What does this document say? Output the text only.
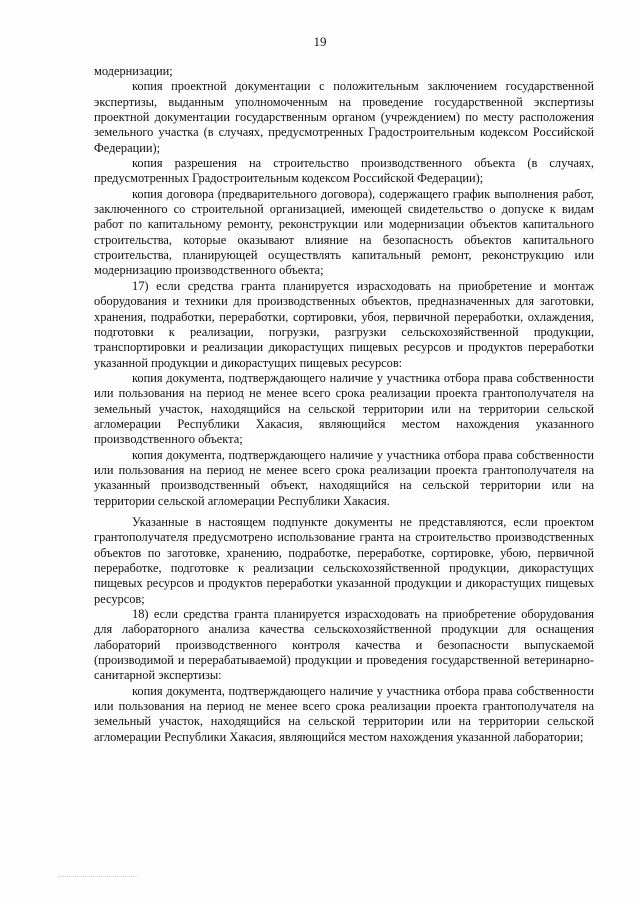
19

модернизации;

копия проектной документации с положительным заключением государственной экспертизы, выданным уполномоченным на проведение государственной экспертизы проектной документации государственным органом (учреждением) по месту расположения земельного участка (в случаях, предусмотренных Градостроительным кодексом Российской Федерации);

копия разрешения на строительство производственного объекта (в случаях, предусмотренных Градостроительным кодексом Российской Федерации);

копия договора (предварительного договора), содержащего график выполнения работ, заключенного со строительной организацией, имеющей свидетельство о допуске к видам работ по капитальному ремонту, реконструкции или модернизации объектов капитального строительства, которые оказывают влияние на безопасность объектов капитального строительства, планирующей осуществлять капитальный ремонт, реконструкцию или модернизацию производственного объекта;

17) если средства гранта планируется израсходовать на приобретение и монтаж оборудования и техники для производственных объектов, предназначенных для заготовки, хранения, подработки, переработки, сортировки, убоя, первичной переработки, охлаждения, подготовки к реализации, погрузки, разгрузки сельскохозяйственной продукции, транспортировки и реализации дикорастущих пищевых ресурсов и продуктов переработки указанной продукции и дикорастущих пищевых ресурсов:

копия документа, подтверждающего наличие у участника отбора права собственности или пользования на период не менее всего срока реализации проекта грантополучателя на земельный участок, находящийся на сельской территории или на территории сельской агломерации Республики Хакасия, являющийся местом нахождения указанного производственного объекта;

копия документа, подтверждающего наличие у участника отбора права собственности или пользования на период не менее всего срока реализации проекта грантополучателя на указанный производственный объект, находящийся на сельской территории или на территории сельской агломерации Республики Хакасия.

Указанные в настоящем подпункте документы не представляются, если проектом грантополучателя предусмотрено использование гранта на строительство производственных объектов по заготовке, хранению, подработке, переработке, сортировке, убою, первичной переработке, подготовке к реализации сельскохозяйственной продукции, дикорастущих пищевых ресурсов и продуктов переработки указанной продукции и дикорастущих пищевых ресурсов;

18) если средства гранта планируется израсходовать на приобретение оборудования для лабораторного анализа качества сельскохозяйственной продукции для оснащения лабораторий производственного контроля качества и безопасности выпускаемой (производимой и перерабатываемой) продукции и проведения государственной ветеринарно-санитарной экспертизы:

копия документа, подтверждающего наличие у участника отбора права собственности или пользования на период не менее всего срока реализации проекта грантополучателя на земельный участок, находящийся на сельской территории или на территории сельской агломерации Республики Хакасия, являющийся местом нахождения указанной лаборатории;
